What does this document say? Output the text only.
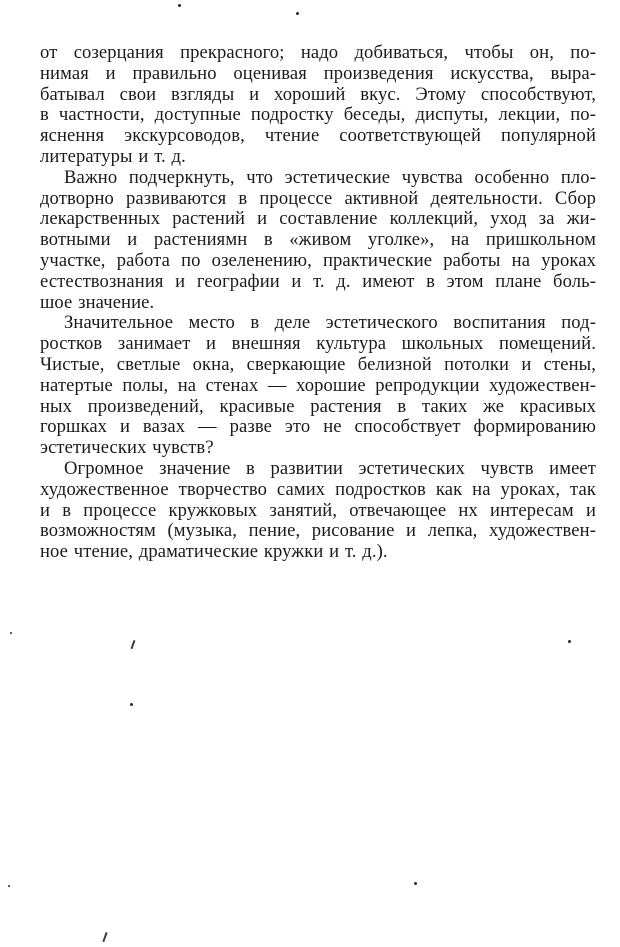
от созерцания прекрасного; надо добиваться, чтобы он, по-
нимая и правильно оценивая произведения искусства, выра-
батывал свои взгляды и хороший вкус. Этому способствуют,
в частности, доступные подросткy беседы, диспуты, лекции, по-
яснення экскурсоводов, чтение соответствующей популярной
литературы и т. д.
Важно подчеркнуть, что эстетические чувства особенно пло-
дотворно развиваются в процессе активной деятельности. Сбор
лекарственных растений и составление коллекций, уход за жи-
вотными и растениямн в «живом уголке», на пришкольном
участке, работа по озеленению, практические работы на уроках
естествознания и географии и т. д. имеют в этом плане боль-
шое значение.
Значительное место в деле эстетического воспитания под-
ростков занимает и внешняя культура школьных помещений.
Чистые, светлые окна, сверкающие белизной потолки и стены,
натертые полы, на стенах — хорошие репродукции художествен-
ных произведений, красивые растения в таких же красивых
горшках и вазах — разве это не способствует формированию
эстетических чувств?
Огромное значение в развитии эстетических чувств имеет
художественное творчество самих подростков как на уроках, так
и в процессе кружковых занятий, отвечающее нх интересам и
возможностям (музыка, пение, рисование и лепка, художествен-
ное чтение, драматические кружки и т. д.).
